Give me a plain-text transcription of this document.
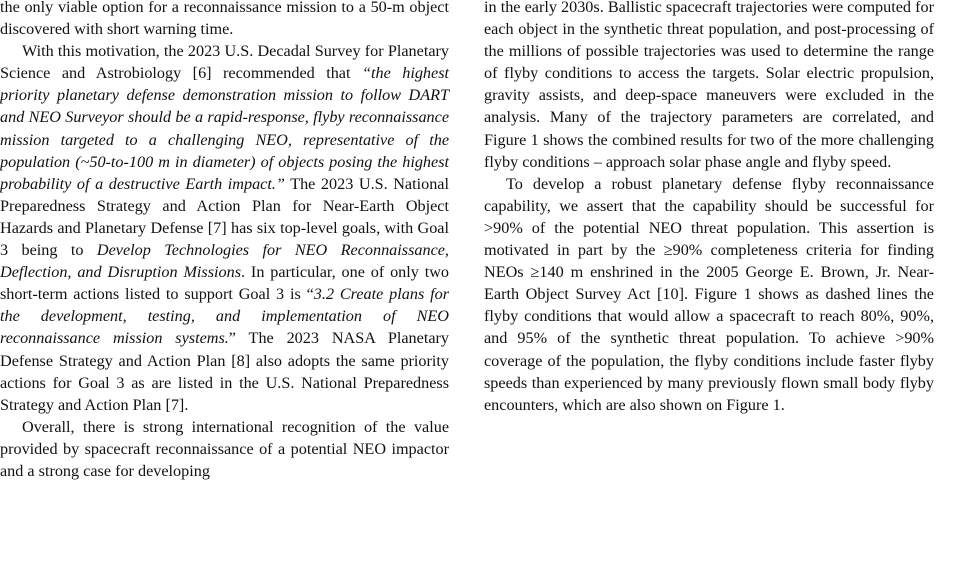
the only viable option for a reconnaissance mission to a 50-m object discovered with short warning time.

With this motivation, the 2023 U.S. Decadal Survey for Planetary Science and Astrobiology [6] recommended that “the highest priority planetary defense demonstration mission to follow DART and NEO Surveyor should be a rapid-response, flyby reconnaissance mission targeted to a challenging NEO, representative of the population (~50-to-100 m in diameter) of objects posing the highest probability of a destructive Earth impact.” The 2023 U.S. National Preparedness Strategy and Action Plan for Near-Earth Object Hazards and Planetary Defense [7] has six top-level goals, with Goal 3 being to Develop Technologies for NEO Reconnaissance, Deflection, and Disruption Missions. In particular, one of only two short-term actions listed to support Goal 3 is “3.2 Create plans for the development, testing, and implementation of NEO reconnaissance mission systems.” The 2023 NASA Planetary Defense Strategy and Action Plan [8] also adopts the same priority actions for Goal 3 as are listed in the U.S. National Preparedness Strategy and Action Plan [7].

Overall, there is strong international recognition of the value provided by spacecraft reconnaissance of a potential NEO impactor and a strong case for developing

in the early 2030s. Ballistic spacecraft trajectories were computed for each object in the synthetic threat population, and post-processing of the millions of possible trajectories was used to determine the range of flyby conditions to access the targets. Solar electric propulsion, gravity assists, and deep-space maneuvers were excluded in the analysis. Many of the trajectory parameters are correlated, and Figure 1 shows the combined results for two of the more challenging flyby conditions – approach solar phase angle and flyby speed.

To develop a robust planetary defense flyby reconnaissance capability, we assert that the capability should be successful for >90% of the potential NEO threat population. This assertion is motivated in part by the ≥90% completeness criteria for finding NEOs ≥140 m enshrined in the 2005 George E. Brown, Jr. Near-Earth Object Survey Act [10]. Figure 1 shows as dashed lines the flyby conditions that would allow a spacecraft to reach 80%, 90%, and 95% of the synthetic threat population. To achieve >90% coverage of the population, the flyby conditions include faster flyby speeds than experienced by many previously flown small body flyby encounters, which are also shown on Figure 1.
